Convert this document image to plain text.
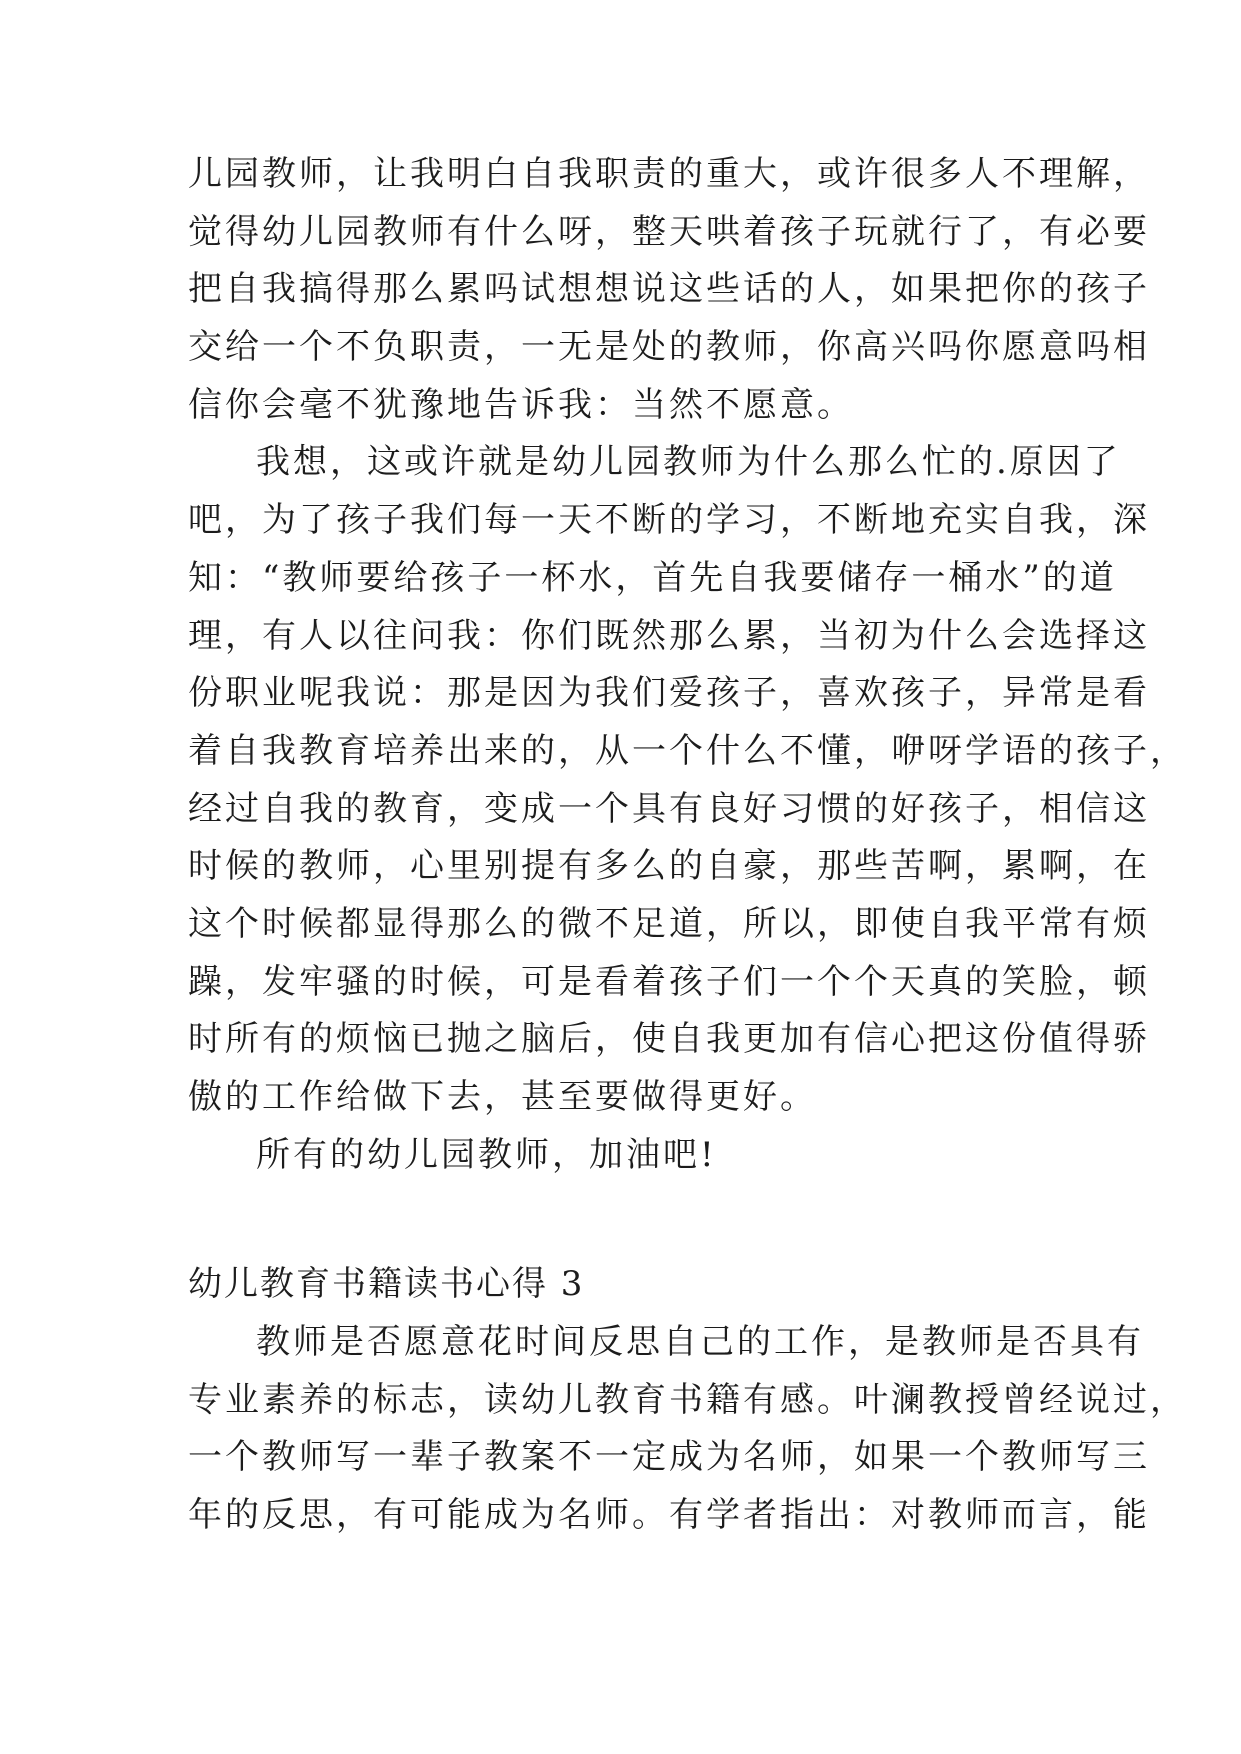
儿园教师，让我明白自我职责的重大，或许很多人不理解，
觉得幼儿园教师有什么呀，整天哄着孩子玩就行了，有必要
把自我搞得那么累吗试想想说这些话的人，如果把你的孩子
交给一个不负职责，一无是处的教师，你高兴吗你愿意吗相
信你会毫不犹豫地告诉我：当然不愿意。
我想，这或许就是幼儿园教师为什么那么忙的.原因了
吧，为了孩子我们每一天不断的学习，不断地充实自我，深
知：“教师要给孩子一杯水，首先自我要储存一桶水”的道
理，有人以往问我：你们既然那么累，当初为什么会选择这
份职业呢我说：那是因为我们爱孩子，喜欢孩子，异常是看
着自我教育培养出来的，从一个什么不懂，咿呀学语的孩子，
经过自我的教育，变成一个具有良好习惯的好孩子，相信这
时候的教师，心里别提有多么的自豪，那些苦啊，累啊，在
这个时候都显得那么的微不足道，所以，即使自我平常有烦
躁，发牢骚的时候，可是看着孩子们一个个天真的笑脸，顿
时所有的烦恼已抛之脑后，使自我更加有信心把这份值得骄
傲的工作给做下去，甚至要做得更好。
所有的幼儿园教师，加油吧!
幼儿教育书籍读书心得 3
教师是否愿意花时间反思自己的工作，是教师是否具有
专业素养的标志，读幼儿教育书籍有感。叶澜教授曾经说过，
一个教师写一辈子教案不一定成为名师，如果一个教师写三
年的反思，有可能成为名师。有学者指出：对教师而言，能
